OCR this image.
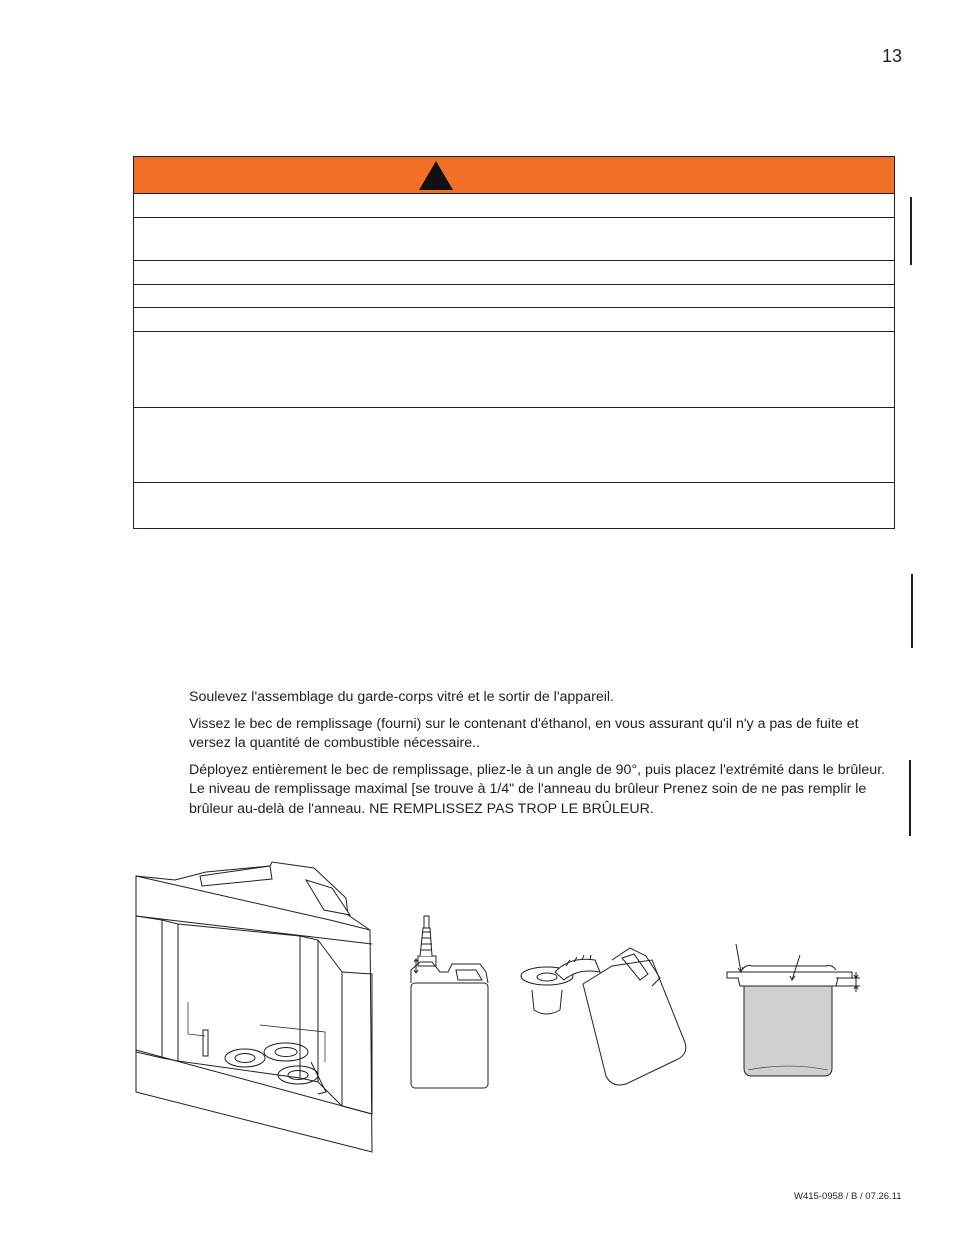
13

Soulevez l'assemblage du garde-corps vitré et le sortir de l'appareil.

Vissez le bec de remplissage (fourni) sur le contenant d'éthanol, en vous assurant qu'il n'y a pas de fuite et versez la quantité de combustible nécessaire..

Déployez entièrement le bec de remplissage, pliez-le à un angle de 90°, puis placez l'extrémité dans le brûleur. Le niveau de remplissage maximal [se trouve à 1/4" de l'anneau du brûleur Prenez soin de ne pas remplir le brûleur au-delà de l'anneau. NE REMPLISSEZ PAS TROP LE BRÛLEUR.

W415-0958 / B / 07.26.11
